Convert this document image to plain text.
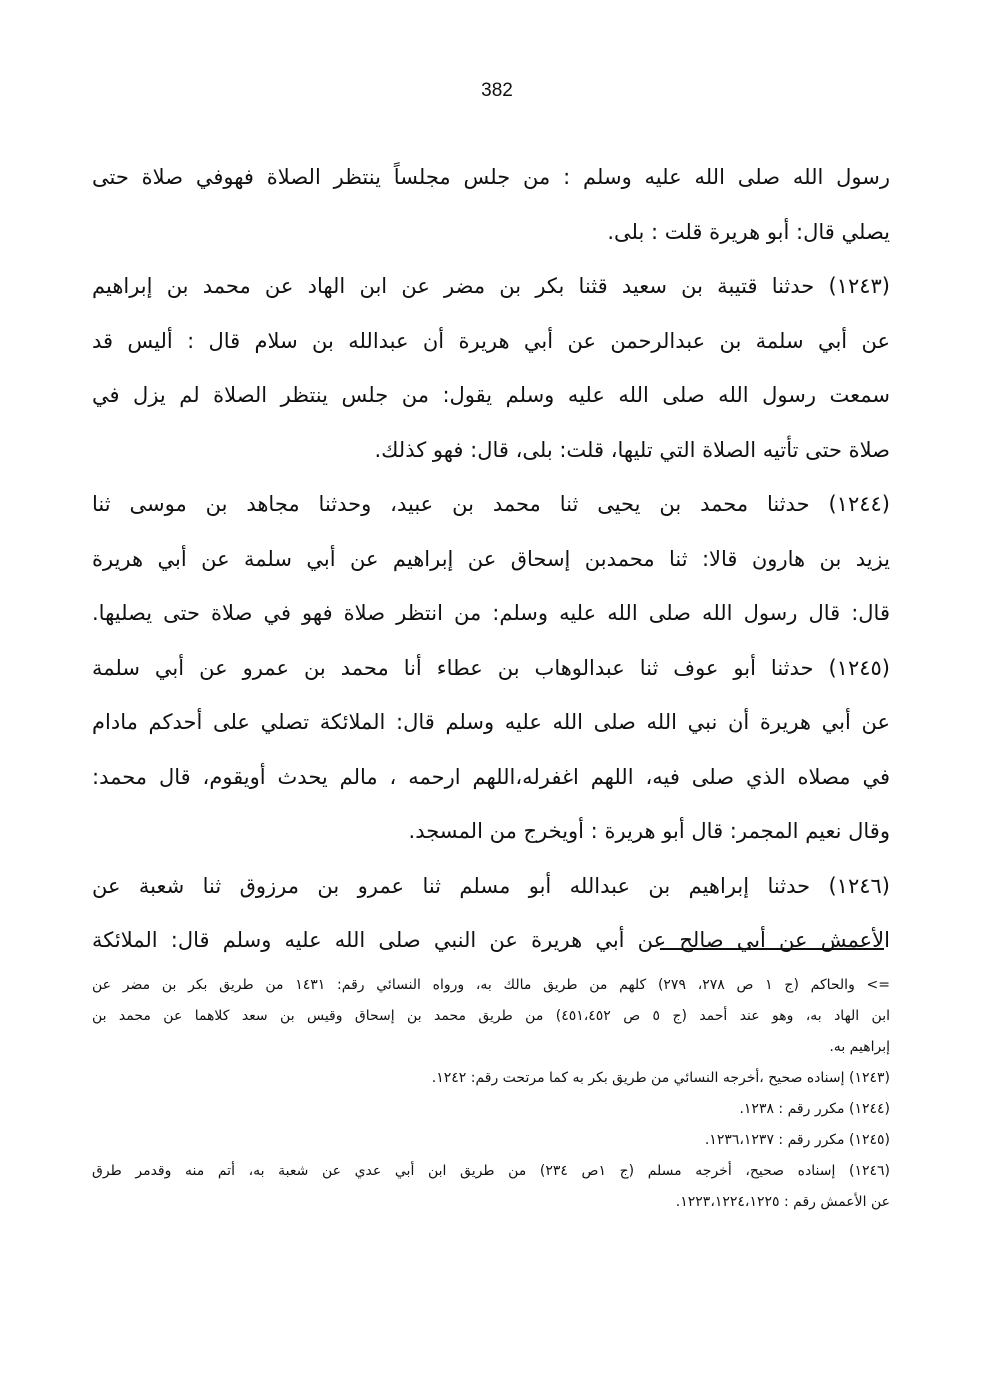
382
رسول الله صلى الله عليه وسلم : من جلس مجلساً ينتظر الصلاة فهوفي صلاة حتى
يصلي قال: أبو هريرة قلت : بلى.
(١٢٤٣) حدثنا قتيبة بن سعيد قثنا بكر بن مضر عن ابن الهاد عن محمد بن إبراهيم
عن أبي سلمة بن عبدالرحمن عن أبي هريرة أن عبدالله بن سلام قال : أليس قد
سمعت رسول الله صلى الله عليه وسلم يقول: من جلس ينتظر الصلاة لم يزل في
صلاة حتى تأتيه الصلاة التي تليها، قلت: بلى، قال: فهو كذلك.
(١٢٤٤) حدثنا محمد بن يحيى ثنا محمد بن عبيد، وحدثنا مجاهد بن موسى ثنا
يزيد بن هارون قالا: ثنا محمدبن إسحاق عن إبراهيم عن أبي سلمة عن أبي هريرة
قال: قال رسول الله صلى الله عليه وسلم: من انتظر صلاة فهو في صلاة حتى يصليها.
(١٢٤٥) حدثنا أبو عوف ثنا عبدالوهاب بن عطاء أنا محمد بن عمرو عن أبي سلمة
عن أبي هريرة أن نبي الله صلى الله عليه وسلم قال: الملائكة تصلي على أحدكم مادام
في مصلاه الذي صلى فيه، اللهم اغفرله،اللهم ارحمه ، مالم يحدث أويقوم، قال محمد:
وقال نعيم المجمر: قال أبو هريرة : أويخرج من المسجد.
(١٢٤٦) حدثنا إبراهيم بن عبدالله أبو مسلم ثنا عمرو بن مرزوق ثنا شعبة عن
الأعمش عن أبي صالح عن أبي هريرة عن النبي صلى الله عليه وسلم قال: الملائكة
=> والحاكم (ج ١ ص ٢٧٨، ٢٧٩) كلهم من طريق مالك به، ورواه النسائي رقم: ١٤٣١ من طريق بكر بن مضر عن
ابن الهاد به، وهو عند أحمد (ج ٥ ص ٤٥١،٤٥٢) من طريق محمد بن إسحاق وقيس بن سعد كلاهما عن محمد بن
إبراهيم به.
(١٢٤٣) إسناده صحيح ،أخرجه النسائي من طريق بكر به كما مرتحت رقم: ١٢٤٢.
(١٢٤٤) مكرر رقم : ١٢٣٨.
(١٢٤٥) مكرر رقم : ١٢٣٦،١٢٣٧.
(١٢٤٦) إسناده صحيح، أخرجه مسلم (ج ١ص ٢٣٤) من طريق ابن أبي عدي عن شعبة به، أتم منه وقدمر طرق
عن الأعمش رقم : ١٢٢٣،١٢٢٤،١٢٢٥.
